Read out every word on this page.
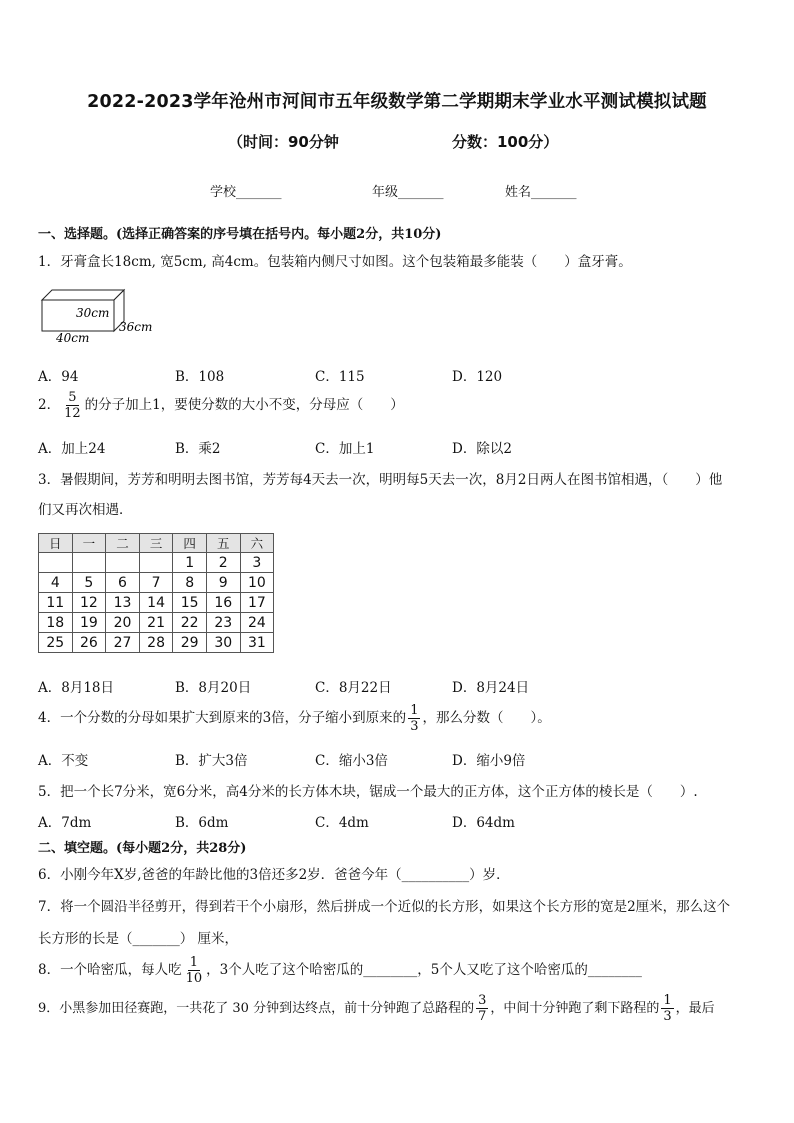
2022-2023学年沧州市河间市五年级数学第二学期期末学业水平测试模拟试题
（时间：90分钟	分数：100分）
学校_______	年级_______	姓名_______
一、选择题。(选择正确答案的序号填在括号内。每小题2分，共10分)
1．牙膏盒长18cm, 宽5cm, 高4cm。包装箱内侧尺寸如图。这个包装箱最多能装（　　）盒牙膏。
30cm
36cm
40cm
A．94	B．108	C．115	D．120
2． $\frac{5}{12}$ 的分子加上1，要使分数的大小不变，分母应（　　）
A．加上24	B．乘2	C．加上1	D．除以2
3．暑假期间，芳芳和明明去图书馆，芳芳每4天去一次，明明每5天去一次，8月2日两人在图书馆相遇，（　　）他
们又再次相遇．
日	一	二	三	四	五	六
				1	2	3
4	5	6	7	8	9	10
11	12	13	14	15	16	17
18	19	20	21	22	23	24
25	26	27	28	29	30	31
A．8月18日	B．8月20日	C．8月22日	D．8月24日
4．一个分数的分母如果扩大到原来的3倍，分子缩小到原来的 $\frac{1}{3}$ ，那么分数（　　）。
A．不变	B．扩大3倍	C．缩小3倍	D．缩小9倍
5．把一个长7分米，宽6分米，高4分米的长方体木块，锯成一个最大的正方体，这个正方体的棱长是（　　）.
A．7dm	B．6dm	C．4dm	D．64dm
二、填空题。(每小题2分，共28分)
6．小刚今年X岁,爸爸的年龄比他的3倍还多2岁．爸爸今年（__________）岁．
7．将一个圆沿半径剪开，得到若干个小扇形，然后拼成一个近似的长方形，如果这个长方形的宽是2厘米，那么这个
长方形的长是（_______） 厘米，
8．一个哈密瓜，每人吃 $\frac{1}{10}$ ，3个人吃了这个哈密瓜的________，5个人又吃了这个哈密瓜的________
9．小黑参加田径赛跑，一共花了 30 分钟到达终点，前十分钟跑了总路程的 $\frac{3}{7}$ ，中间十分钟跑了剩下路程的 $\frac{1}{3}$ ，最后
